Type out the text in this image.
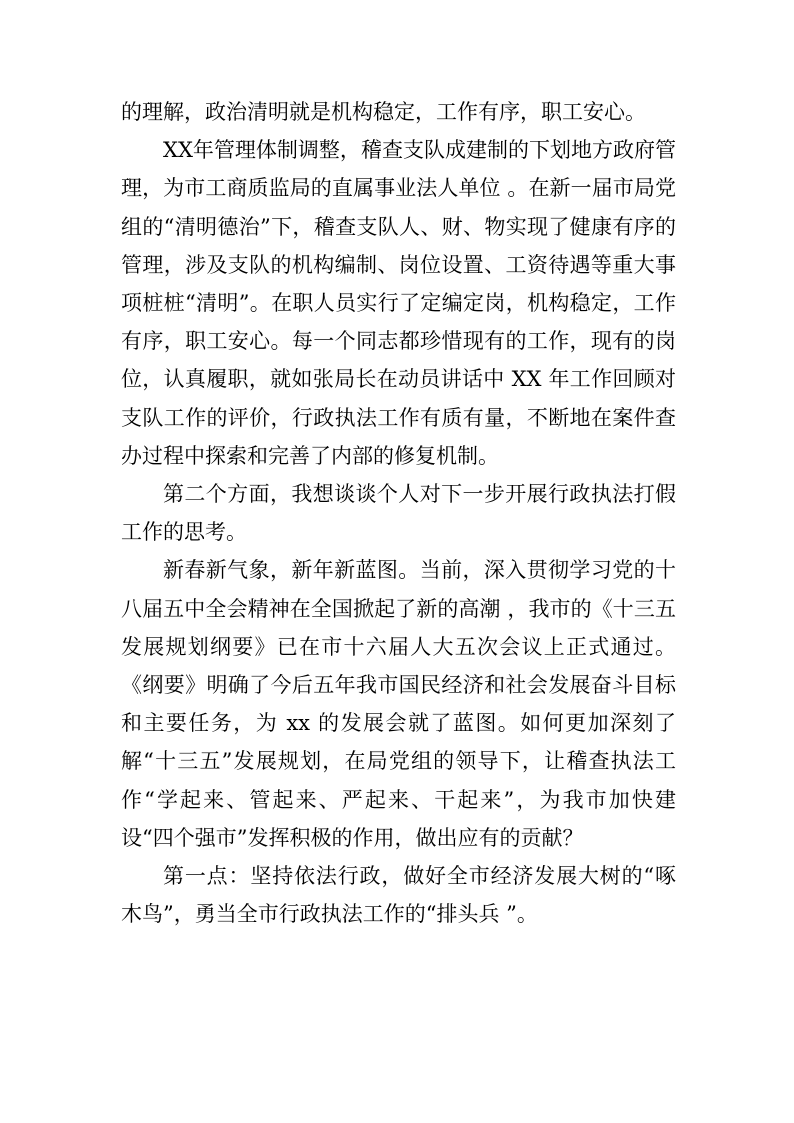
的理解，政治清明就是机构稳定，工作有序，职工安心。

XX年管理体制调整，稽查支队成建制的下划地方政府管理，为市工商质监局的直属事业法人单位 。在新一届市局党组的“清明德治”下，稽查支队人、财、物实现了健康有序的管理，涉及支队的机构编制、岗位设置、工资待遇等重大事项桩桩“清明”。在职人员实行了定编定岗，机构稳定，工作有序，职工安心。每一个同志都珍惜现有的工作，现有的岗位，认真履职，就如张局长在动员讲话中 XX 年工作回顾对支队工作的评价，行政执法工作有质有量，不断地在案件查办过程中探索和完善了内部的修复机制。

第二个方面，我想谈谈个人对下一步开展行政执法打假工作的思考。

新春新气象，新年新蓝图。当前，深入贯彻学习党的十八届五中全会精神在全国掀起了新的高潮 ，我市的《十三五发展规划纲要》已在市十六届人大五次会议上正式通过。《纲要》明确了今后五年我市国民经济和社会发展奋斗目标和主要任务，为 xx 的发展会就了蓝图。如何更加深刻了解“十三五”发展规划，在局党组的领导下，让稽查执法工作“学起来、管起来、严起来、干起来”，为我市加快建设“四个强市”发挥积极的作用，做出应有的贡献？

第一点：坚持依法行政，做好全市经济发展大树的“啄木鸟”，勇当全市行政执法工作的“排头兵 ”。
